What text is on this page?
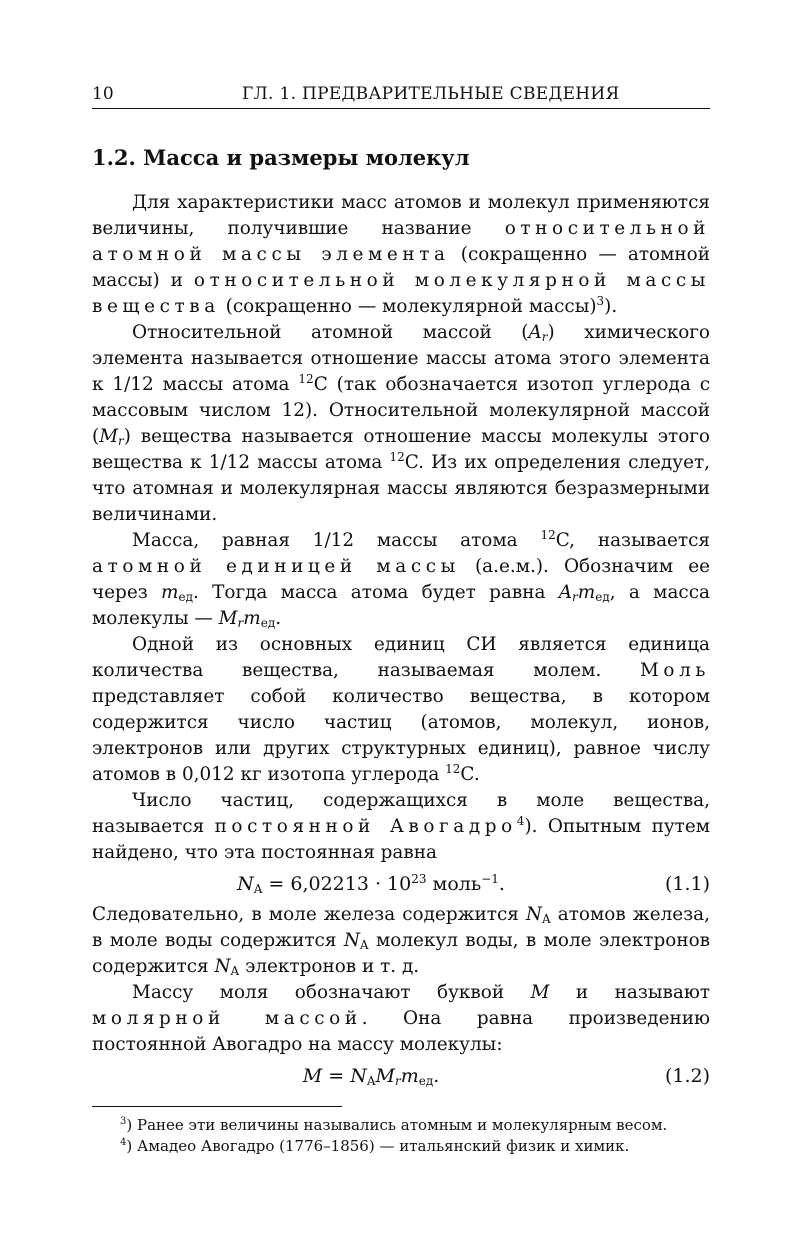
10	ГЛ. 1. ПРЕДВАРИТЕЛЬНЫЕ СВЕДЕНИЯ
1.2. Масса и размеры молекул

Для характеристики масс атомов и молекул применяются величины, получившие название относительной атомной массы элемента (сокращенно — атомной массы) и относительной молекулярной массы вещества (сокращенно — молекулярной массы)$^3$).

Относительной атомной массой $(A_r)$ химического элемента называется отношение массы атома этого элемента к 1/12 массы атома $^{12}$C (так обозначается изотоп углерода с массовым числом 12). Относительной молекулярной массой $(M_r)$ вещества называется отношение массы молекулы этого вещества к 1/12 массы атома $^{12}$C. Из их определения следует, что атомная и молекулярная массы являются безразмерными величинами.

Масса, равная 1/12 массы атома $^{12}$C, называется атомной единицей массы (а.е.м.). Обозначим ее через $m_{ед}$. Тогда масса атома будет равна $A_rm_{ед}$, а масса молекулы — $M_rm_{ед}$.

Одной из основных единиц СИ является единица количества вещества, называемая молем. Моль представляет собой количество вещества, в котором содержится число частиц (атомов, молекул, ионов, электронов или других структурных единиц), равное числу атомов в 0,012 кг изотопа углерода $^{12}$C.

Число частиц, содержащихся в моле вещества, называется постоянной Авогадро$^4$). Опытным путем найдено, что эта постоянная равна

$N_A = 6,02213 \cdot 10^{23}$ моль$^{-1}$.	(1.1)

Следовательно, в моле железа содержится $N_A$ атомов железа, в моле воды содержится $N_A$ молекул воды, в моле электронов содержится $N_A$ электронов и т. д.

Массу моля обозначают буквой M и называют молярной массой. Она равна произведению постоянной Авогадро на массу молекулы:

$M = N_AM_rm_{ед}$.	(1.2)

$^3$) Ранее эти величины назывались атомным и молекулярным весом.

$^4$) Амадео Авогадро (1776–1856) — итальянский физик и химик.
